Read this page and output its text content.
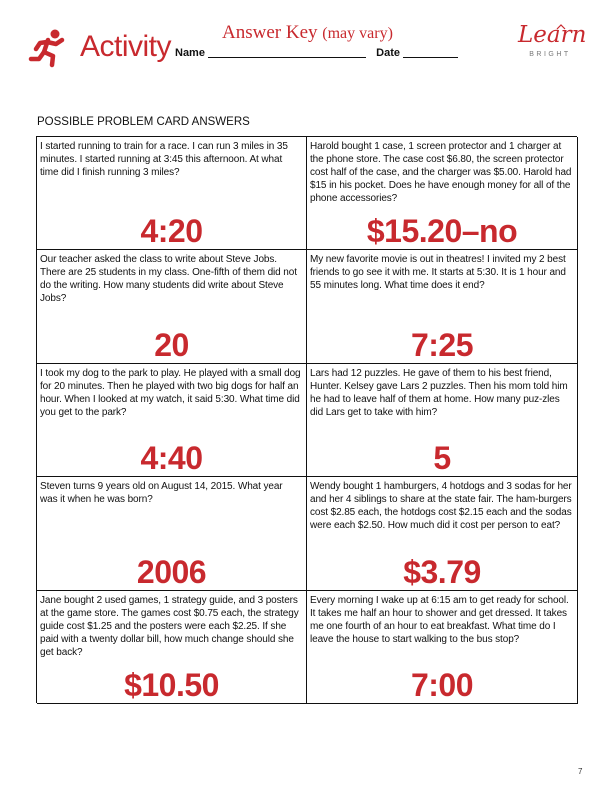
Activity	Answer Key (may vary)
Name	Date
Learn
BRIGHT
POSSIBLE PROBLEM CARD ANSWERS
I started running to train for a race. I can run 3 miles in 35 minutes. I started running at 3:45 this afternoon. At what time did I finish running 3 miles?
4:20
Harold bought 1 case, 1 screen protector and 1 charger at the phone store. The case cost $6.80, the screen protector cost half of the case, and the charger was $5.00. Harold had $15 in his pocket. Does he have enough money for all of the phone accessories?
$15.20–no
Our teacher asked the class to write about Steve Jobs. There are 25 students in my class. One-fifth of them did not do the writing. How many students did write about Steve Jobs?
20
My new favorite movie is out in theatres! I invited my 2 best friends to go see it with me. It starts at 5:30. It is 1 hour and 55 minutes long. What time does it end?
7:25
I took my dog to the park to play. He played with a small dog for 20 minutes. Then he played with two big dogs for half an hour. When I looked at my watch, it said 5:30. What time did you get to the park?
4:40
Lars had 12 puzzles. He gave of them to his best friend, Hunter. Kelsey gave Lars 2 puzzles. Then his mom told him he had to leave half of them at home. How many puz-zles did Lars get to take with him?
5
Steven turns 9 years old on August 14, 2015. What year was it when he was born?
2006
Wendy bought 1 hamburgers, 4 hotdogs and 3 sodas for her and her 4 siblings to share at the state fair. The ham-burgers cost $2.85 each, the hotdogs cost $2.15 each and the sodas were each $2.50. How much did it cost per person to eat?
$3.79
Jane bought 2 used games, 1 strategy guide, and 3 posters at the game store. The games cost $0.75 each, the strategy guide cost $1.25 and the posters were each $2.25. If she paid with a twenty dollar bill, how much change should she get back?
$10.50
Every morning I wake up at 6:15 am to get ready for school. It takes me half an hour to shower and get dressed. It takes me one fourth of an hour to eat breakfast. What time do I leave the house to start walking to the bus stop?
7:00
7
